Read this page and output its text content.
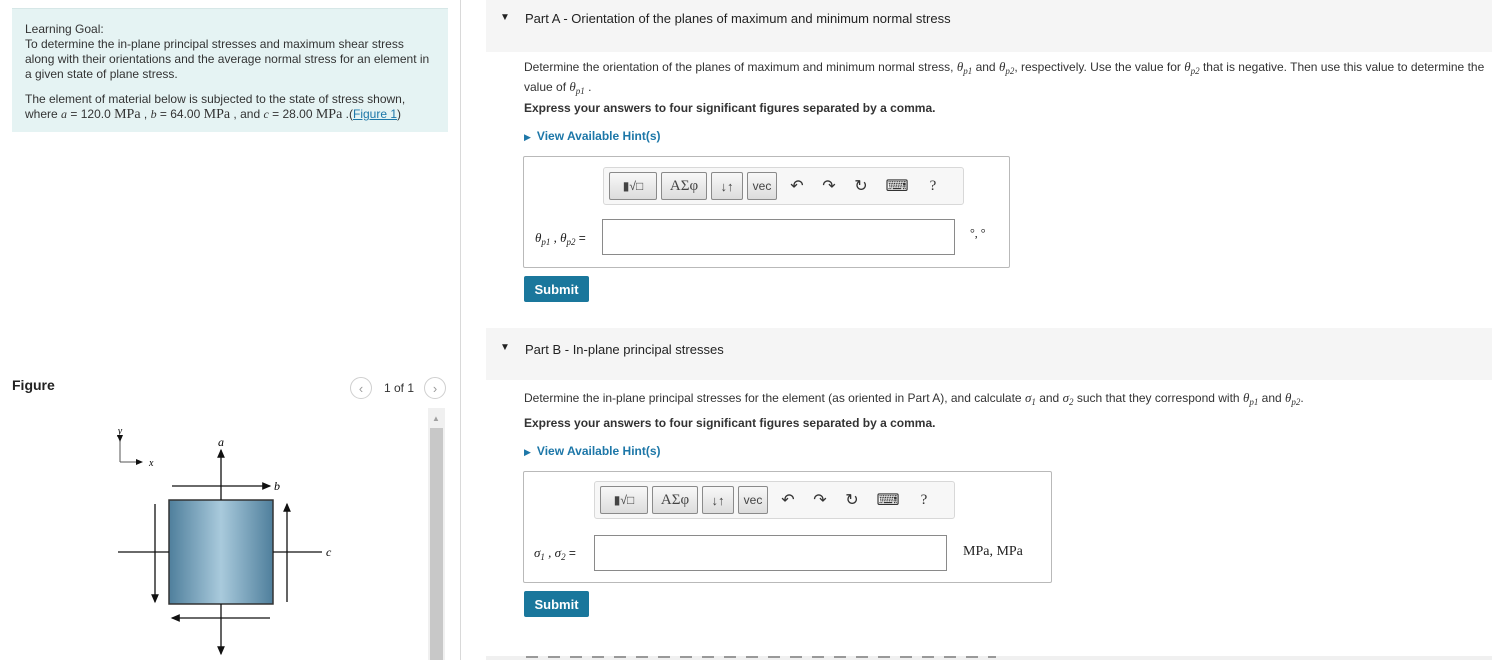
Learning Goal:

To determine the in-plane principal stresses and maximum shear stress along with their orientations and the average normal stress for an element in a given state of plane stress.

The element of material below is subjected to the state of stress shown, where a = 120.0 MPa , b = 64.00 MPa , and c = 28.00 MPa .(Figure 1)

Figure	‹ 1 of 1 ›
y
x
a
b
c
▲
▼ Part A - Orientation of the planes of maximum and minimum normal stress
Determine the orientation of the planes of maximum and minimum normal stress, $\theta_{p1}$ and $\theta_{p2}$, respectively. Use the value for $\theta_{p2}$ that is negative. Then use this value to determine the value of $\theta_{p1}$ .
Express your answers to four significant figures separated by a comma.
▶ View Available Hint(s)
▮√□	ΑΣφ	↓↑	vec	↶	↷	↻	⌨	?
$\theta_{p1}$ , $\theta_{p2}$ =	°, °
Submit
▼ Part B - In-plane principal stresses
Determine the in-plane principal stresses for the element (as oriented in Part A), and calculate $\sigma_1$ and $\sigma_2$ such that they correspond with $\theta_{p1}$ and $\theta_{p2}$.
Express your answers to four significant figures separated by a comma.
▶ View Available Hint(s)
▮√□	ΑΣφ	↓↑	vec	↶	↷	↻	⌨	?
$\sigma_1$ , $\sigma_2$ =	MPa, MPa
Submit
